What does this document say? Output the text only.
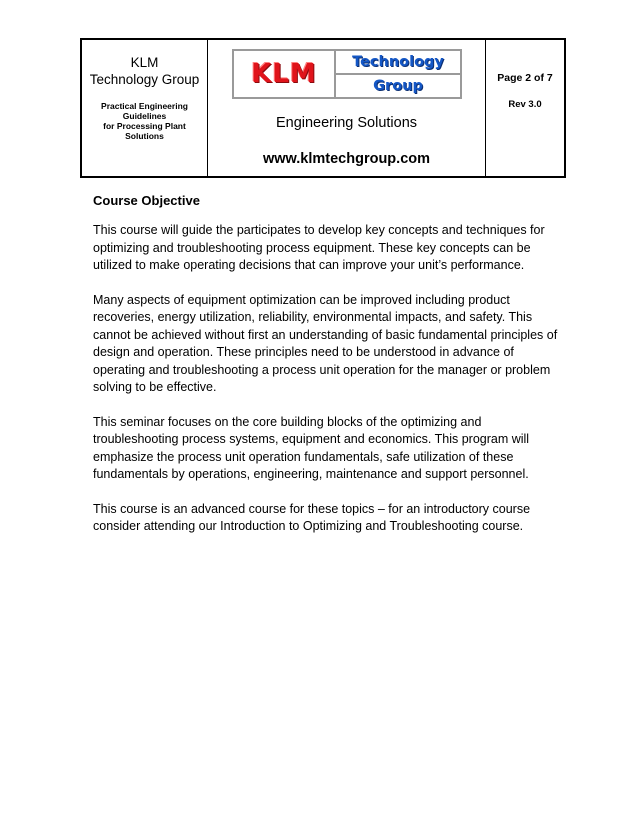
KLM
Technology Group
Practical Engineering
Guidelines
for Processing Plant
Solutions
KLM	Technology
Group
Engineering Solutions
www.klmtechgroup.com
Page 2 of 7
Rev 3.0
Course Objective

This course will guide the participates to develop key concepts and techniques for optimizing and troubleshooting process equipment. These key concepts can be utilized to make operating decisions that can improve your unit’s performance.

Many aspects of equipment optimization can be improved including product recoveries, energy utilization, reliability, environmental impacts, and safety. This cannot be achieved without first an understanding of basic fundamental principles of design and operation. These principles need to be understood in advance of operating and troubleshooting a process unit operation for the manager or problem solving to be effective.

This seminar focuses on the core building blocks of the optimizing and troubleshooting process systems, equipment and economics. This program will emphasize the process unit operation fundamentals, safe utilization of these fundamentals by operations, engineering, maintenance and support personnel.

This course is an advanced course for these topics – for an introductory course consider attending our Introduction to Optimizing and Troubleshooting course.
